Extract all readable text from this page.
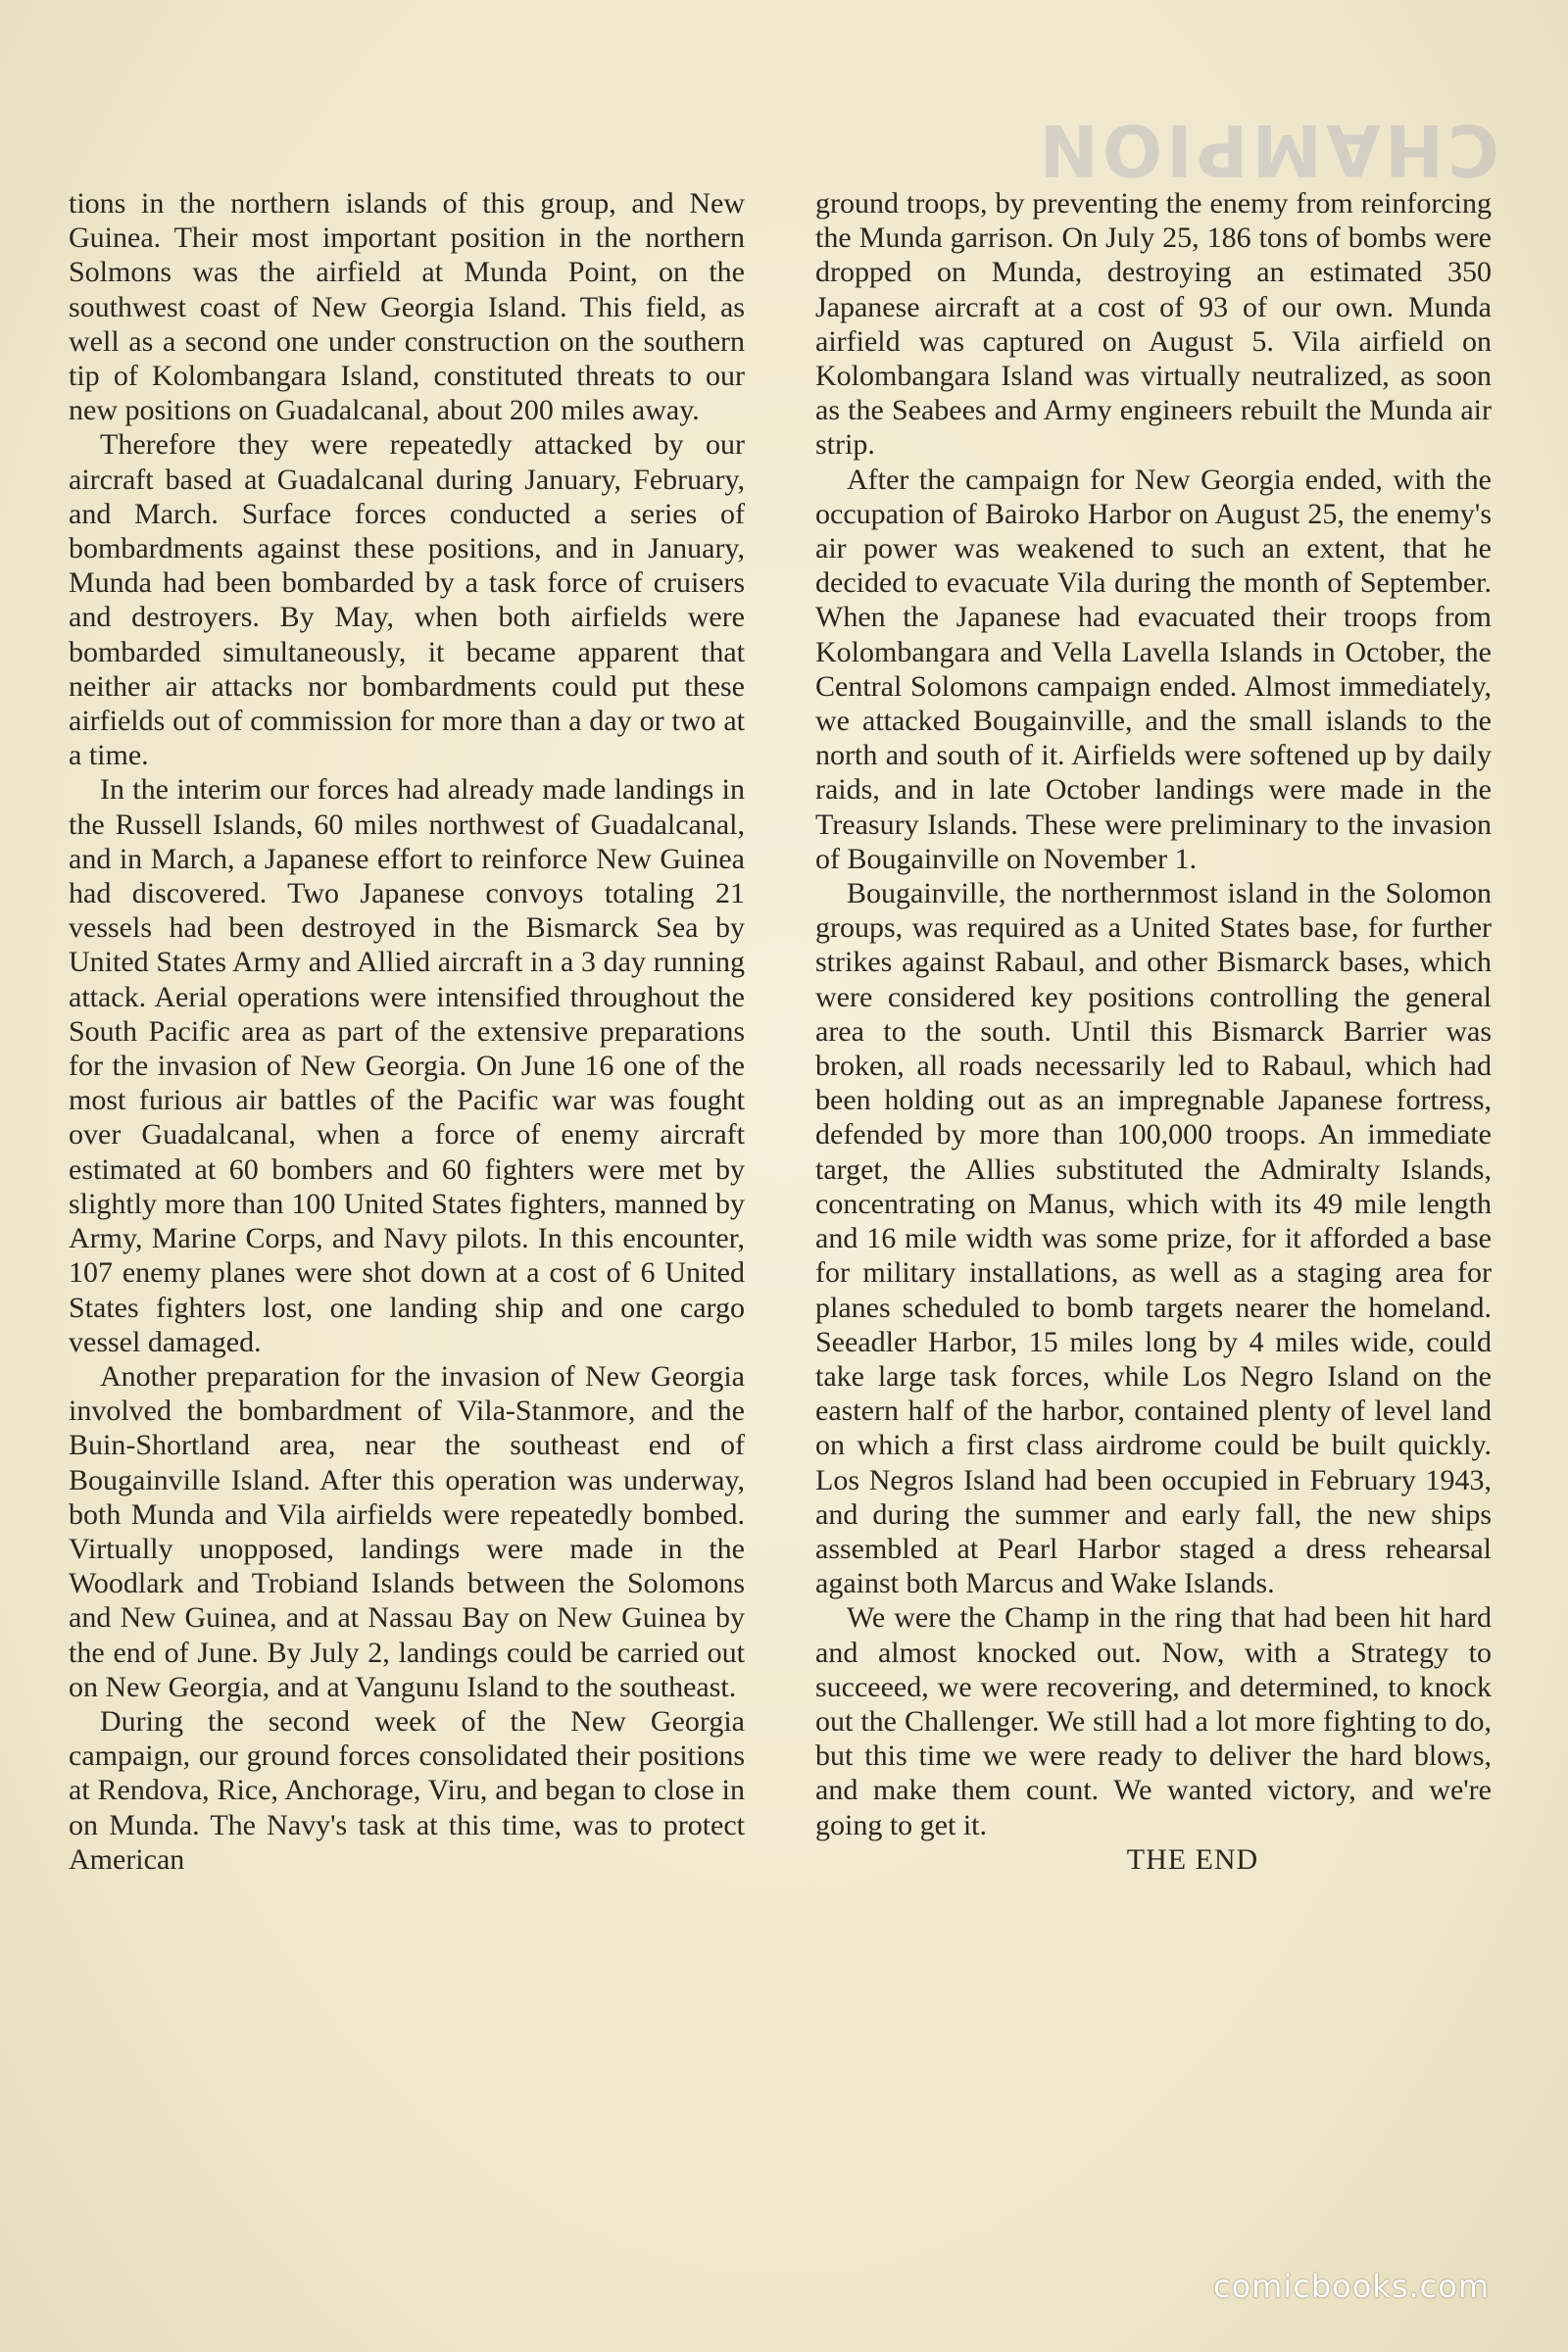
CHAMPION

tions in the northern islands of this group, and New Guinea. Their most important position in the northern Solmons was the airfield at Munda Point, on the southwest coast of New Georgia Island. This field, as well as a second one under construction on the southern tip of Kolombangara Island, constituted threats to our new positions on Guadalcanal, about 200 miles away.

Therefore they were repeatedly attacked by our aircraft based at Guadalcanal during January, February, and March. Surface forces conducted a series of bombardments against these positions, and in January, Munda had been bombarded by a task force of cruisers and destroyers. By May, when both airfields were bombarded simultaneously, it became apparent that neither air attacks nor bombardments could put these airfields out of commission for more than a day or two at a time.

In the interim our forces had already made landings in the Russell Islands, 60 miles northwest of Guadalcanal, and in March, a Japanese effort to reinforce New Guinea had discovered. Two Japanese convoys totaling 21 vessels had been destroyed in the Bismarck Sea by United States Army and Allied aircraft in a 3 day running attack. Aerial operations were intensified throughout the South Pacific area as part of the extensive preparations for the invasion of New Georgia. On June 16 one of the most furious air battles of the Pacific war was fought over Guadalcanal, when a force of enemy aircraft estimated at 60 bombers and 60 fighters were met by slightly more than 100 United States fighters, manned by Army, Marine Corps, and Navy pilots. In this encounter, 107 enemy planes were shot down at a cost of 6 United States fighters lost, one landing ship and one cargo vessel damaged.

Another preparation for the invasion of New Georgia involved the bombardment of Vila-Stanmore, and the Buin-Shortland area, near the southeast end of Bougainville Island. After this operation was underway, both Munda and Vila airfields were repeatedly bombed. Virtually unopposed, landings were made in the Woodlark and Trobiand Islands between the Solomons and New Guinea, and at Nassau Bay on New Guinea by the end of June. By July 2, landings could be carried out on New Georgia, and at Vangunu Island to the southeast.

During the second week of the New Georgia campaign, our ground forces consolidated their positions at Rendova, Rice, Anchorage, Viru, and began to close in on Munda. The Navy's task at this time, was to protect American

ground troops, by preventing the enemy from reinforcing the Munda garrison. On July 25, 186 tons of bombs were dropped on Munda, destroying an estimated 350 Japanese aircraft at a cost of 93 of our own. Munda airfield was captured on August 5. Vila airfield on Kolombangara Island was virtually neutralized, as soon as the Seabees and Army engineers rebuilt the Munda air strip.

After the campaign for New Georgia ended, with the occupation of Bairoko Harbor on August 25, the enemy's air power was weakened to such an extent, that he decided to evacuate Vila during the month of September. When the Japanese had evacuated their troops from Kolombangara and Vella Lavella Islands in October, the Central Solomons campaign ended. Almost immediately, we attacked Bougainville, and the small islands to the north and south of it. Airfields were softened up by daily raids, and in late October landings were made in the Treasury Islands. These were preliminary to the invasion of Bougainville on November 1.

Bougainville, the northernmost island in the Solomon groups, was required as a United States base, for further strikes against Rabaul, and other Bismarck bases, which were considered key positions controlling the general area to the south. Until this Bismarck Barrier was broken, all roads necessarily led to Rabaul, which had been holding out as an impregnable Japanese fortress, defended by more than 100,000 troops. An immediate target, the Allies substituted the Admiralty Islands, concentrating on Manus, which with its 49 mile length and 16 mile width was some prize, for it afforded a base for military installations, as well as a staging area for planes scheduled to bomb targets nearer the homeland. Seeadler Harbor, 15 miles long by 4 miles wide, could take large task forces, while Los Negro Island on the eastern half of the harbor, contained plenty of level land on which a first class airdrome could be built quickly. Los Negros Island had been occupied in February 1943, and during the summer and early fall, the new ships assembled at Pearl Harbor staged a dress rehearsal against both Marcus and Wake Islands.

We were the Champ in the ring that had been hit hard and almost knocked out. Now, with a Strategy to succeeed, we were recovering, and determined, to knock out the Challenger. We still had a lot more fighting to do, but this time we were ready to deliver the hard blows, and make them count. We wanted victory, and we're going to get it.

THE END

comicbooks.com
